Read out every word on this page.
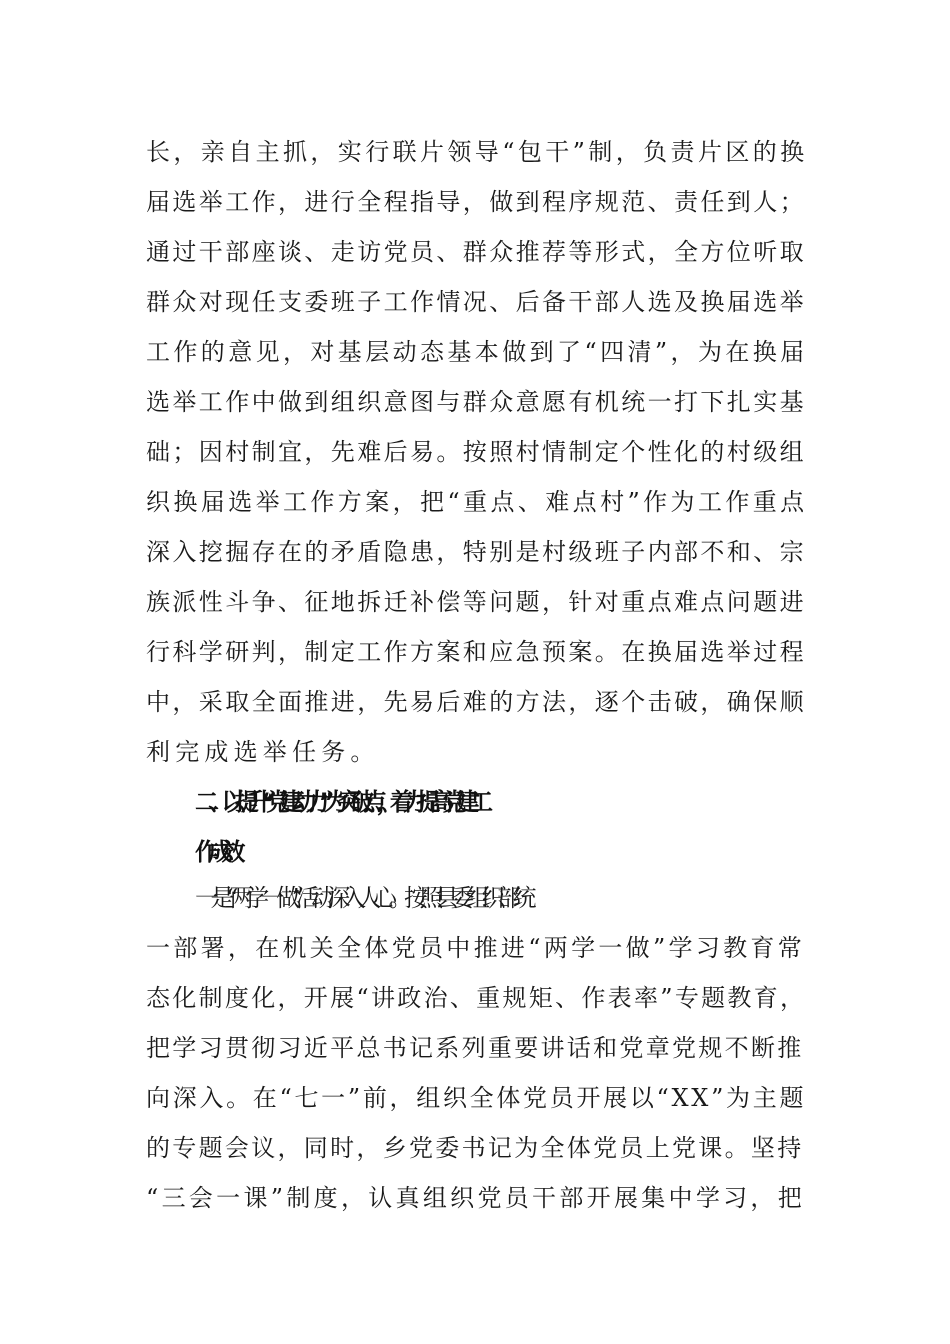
长，亲自主抓，实行联片领导“包干”制，负责片区的换
届选举工作，进行全程指导，做到程序规范、责任到人；
通过干部座谈、走访党员、群众推荐等形式，全方位听取
群众对现任支委班子工作情况、后备干部人选及换届选举
工作的意见，对基层动态基本做到了“四清”，为在换届
选举工作中做到组织意图与群众意愿有机统一打下扎实基
础；因村制宜，先难后易。按照村情制定个性化的村级组
织换届选举工作方案，把“重点、难点村”作为工作重点
深入挖掘存在的矛盾隐患，特别是村级班子内部不和、宗
族派性斗争、征地拆迁补偿等问题，针对重点难点问题进
行科学研判，制定工作方案和应急预案。在换届选举过程
中，采取全面推进，先易后难的方法，逐个击破，确保顺
利完成选举任务。
二、以提升“党建动力”为突破点，着力提高党建工
作成效
一是“两学一做”活动深入人心。按照县委组织部统
一部署，在机关全体党员中推进“两学一做”学习教育常
态化制度化，开展“讲政治、重规矩、作表率”专题教育，
把学习贯彻习近平总书记系列重要讲话和党章党规不断推
向深入。在“七一”前，组织全体党员开展以“XX”为主题
的专题会议，同时，乡党委书记为全体党员上党课。坚持
“三会一课”制度，认真组织党员干部开展集中学习，把
